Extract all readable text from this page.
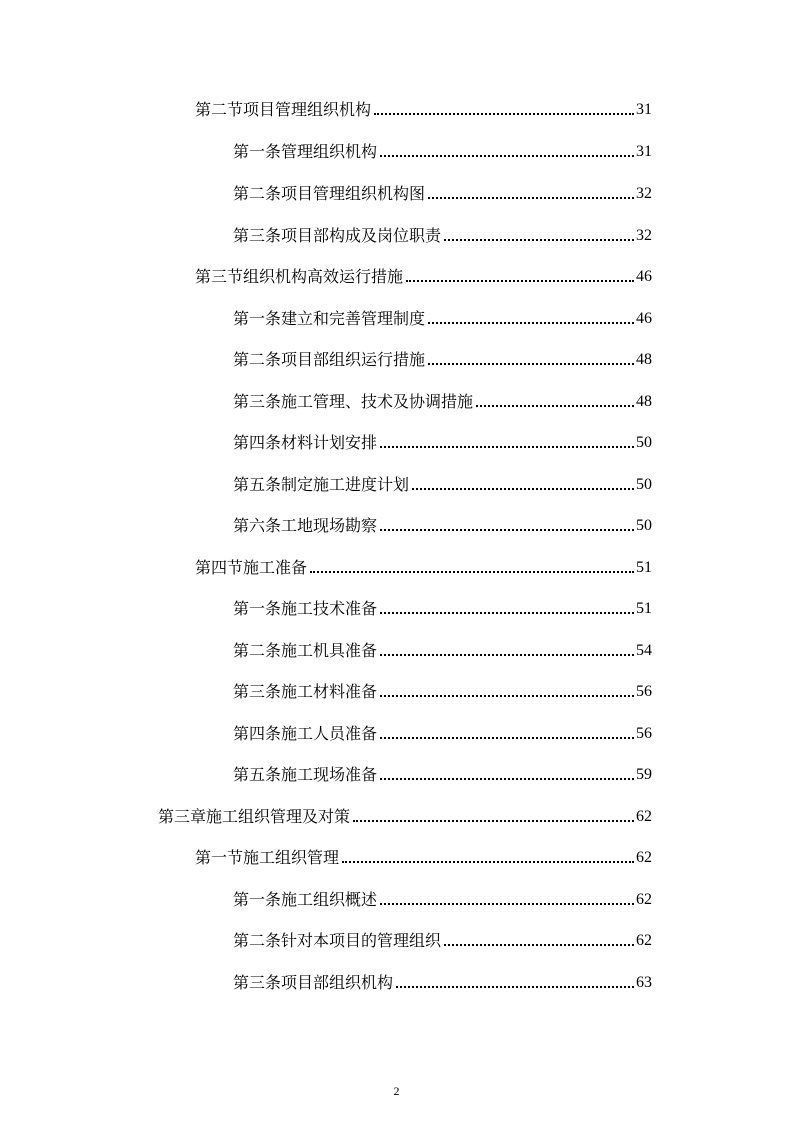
第二节项目管理组织机构	31
第一条管理组织机构	31
第二条项目管理组织机构图	32
第三条项目部构成及岗位职责	32
第三节组织机构高效运行措施	46
第一条建立和完善管理制度	46
第二条项目部组织运行措施	48
第三条施工管理、技术及协调措施	48
第四条材料计划安排	50
第五条制定施工进度计划	50
第六条工地现场勘察	50
第四节施工准备	51
第一条施工技术准备	51
第二条施工机具准备	54
第三条施工材料准备	56
第四条施工人员准备	56
第五条施工现场准备	59
第三章施工组织管理及对策	62
第一节施工组织管理	62
第一条施工组织概述	62
第二条针对本项目的管理组织	62
第三条项目部组织机构	63
2
